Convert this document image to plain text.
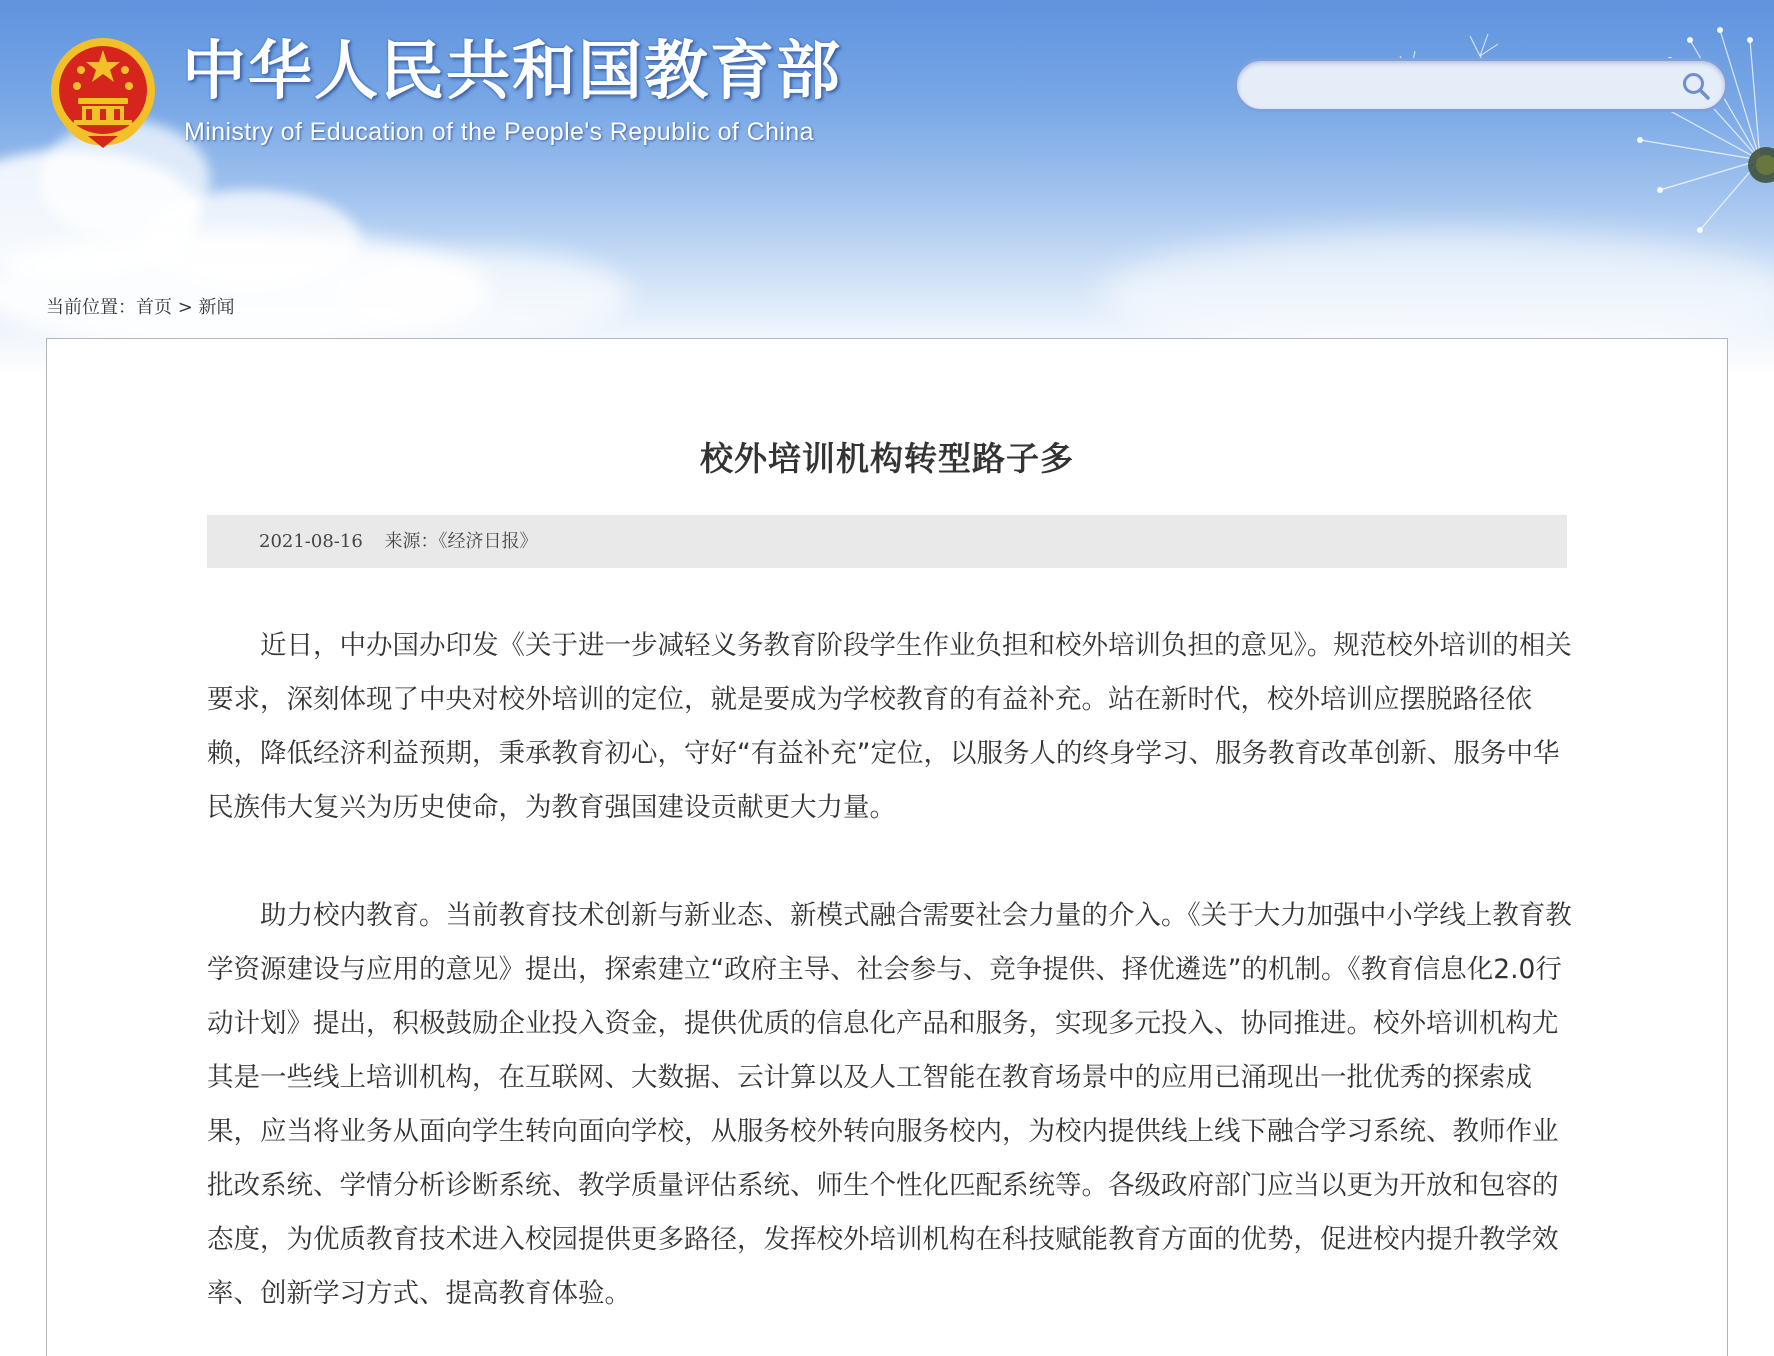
中华人民共和国教育部
Ministry of Education of the People's Republic of China
当前位置：首页 > 新闻
校外培训机构转型路子多
2021-08-16 来源：《经济日报》

近日，中办国办印发《关于进一步减轻义务教育阶段学生作业负担和校外培训负担的意见》。规范校外培训的相关要求，深刻体现了中央对校外培训的定位，就是要成为学校教育的有益补充。站在新时代，校外培训应摆脱路径依赖，降低经济利益预期，秉承教育初心，守好“有益补充”定位，以服务人的终身学习、服务教育改革创新、服务中华民族伟大复兴为历史使命，为教育强国建设贡献更大力量。

助力校内教育。当前教育技术创新与新业态、新模式融合需要社会力量的介入。《关于大力加强中小学线上教育教学资源建设与应用的意见》提出，探索建立“政府主导、社会参与、竞争提供、择优遴选”的机制。《教育信息化2.0行动计划》提出，积极鼓励企业投入资金，提供优质的信息化产品和服务，实现多元投入、协同推进。校外培训机构尤其是一些线上培训机构，在互联网、大数据、云计算以及人工智能在教育场景中的应用已涌现出一批优秀的探索成果，应当将业务从面向学生转向面向学校，从服务校外转向服务校内，为校内提供线上线下融合学习系统、教师作业批改系统、学情分析诊断系统、教学质量评估系统、师生个性化匹配系统等。各级政府部门应当以更为开放和包容的态度，为优质教育技术进入校园提供更多路径，发挥校外培训机构在科技赋能教育方面的优势，促进校内提升教学效率、创新学习方式、提高教育体验。
